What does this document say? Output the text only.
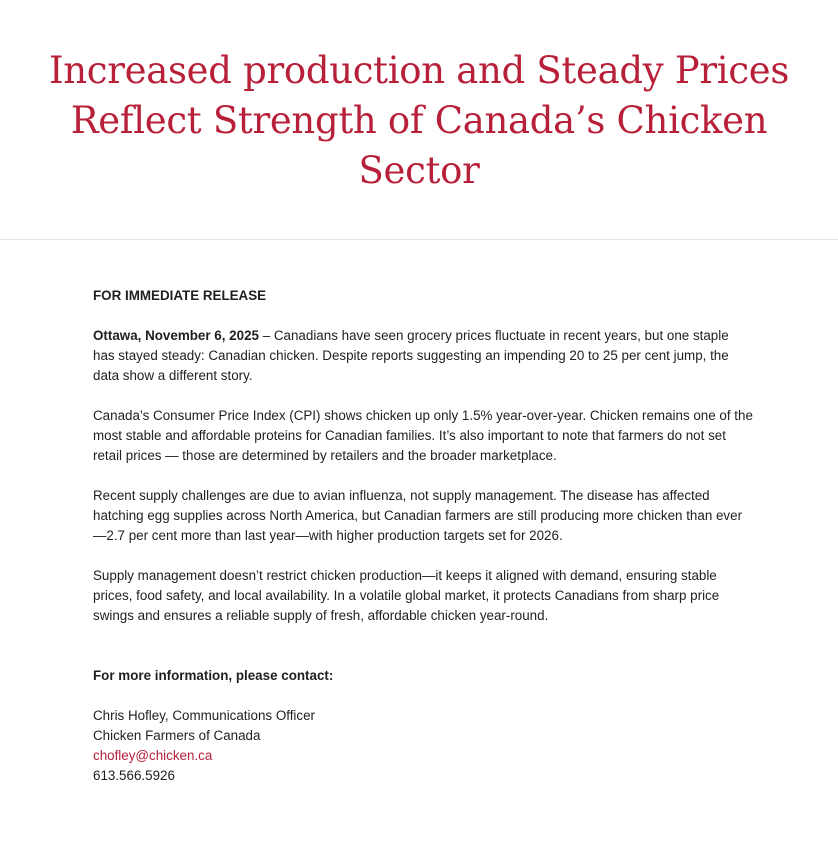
Increased production and Steady Prices Reflect Strength of Canada’s Chicken Sector
FOR IMMEDIATE RELEASE

Ottawa, November 6, 2025 – Canadians have seen grocery prices fluctuate in recent years, but one staple has stayed steady: Canadian chicken. Despite reports suggesting an impending 20 to 25 per cent jump, the data show a different story.

Canada’s Consumer Price Index (CPI) shows chicken up only 1.5% year-over-year. Chicken remains one of the most stable and affordable proteins for Canadian families. It’s also important to note that farmers do not set retail prices — those are determined by retailers and the broader marketplace.

Recent supply challenges are due to avian influenza, not supply management. The disease has affected hatching egg supplies across North America, but Canadian farmers are still producing more chicken than ever—2.7 per cent more than last year—with higher production targets set for 2026.

Supply management doesn’t restrict chicken production—it keeps it aligned with demand, ensuring stable prices, food safety, and local availability. In a volatile global market, it protects Canadians from sharp price swings and ensures a reliable supply of fresh, affordable chicken year-round.

For more information, please contact:
Chris Hofley, Communications Officer
Chicken Farmers of Canada
chofley@chicken.ca
613.566.5926
